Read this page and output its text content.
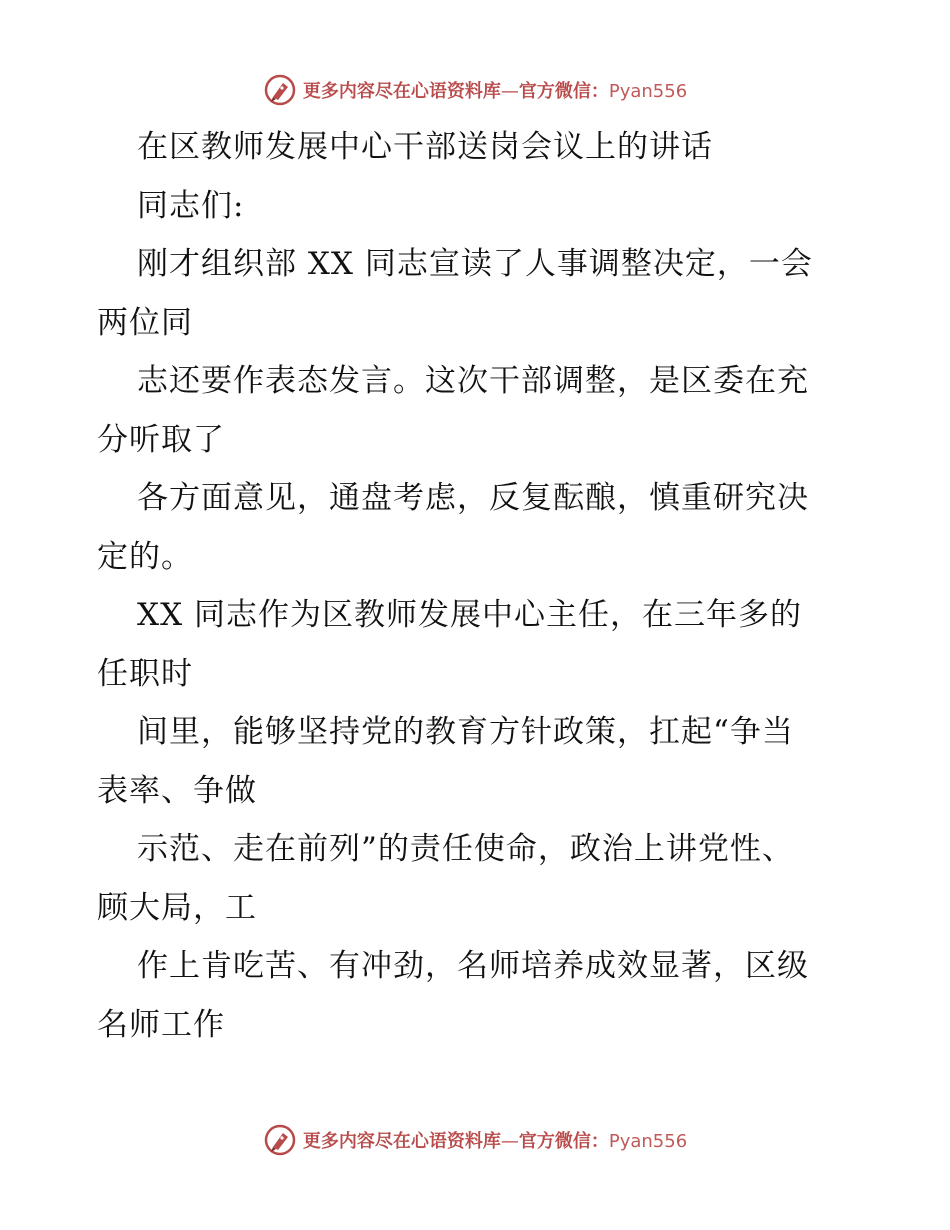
更多内容尽在心语资料库—官方微信：Pyan556
在区教师发展中心干部送岗会议上的讲话
同志们:
刚才组织部 XX 同志宣读了人事调整决定，一会
两位同
志还要作表态发言。这次干部调整，是区委在充
分听取了
各方面意见，通盘考虑，反复酝酿，慎重研究决
定的。
XX 同志作为区教师发展中心主任，在三年多的
任职时
间里，能够坚持党的教育方针政策，扛起“争当
表率、争做
示范、走在前列”的责任使命，政治上讲党性、
顾大局，工
作上肯吃苦、有冲劲，名师培养成效显著，区级
名师工作
更多内容尽在心语资料库—官方微信：Pyan556
